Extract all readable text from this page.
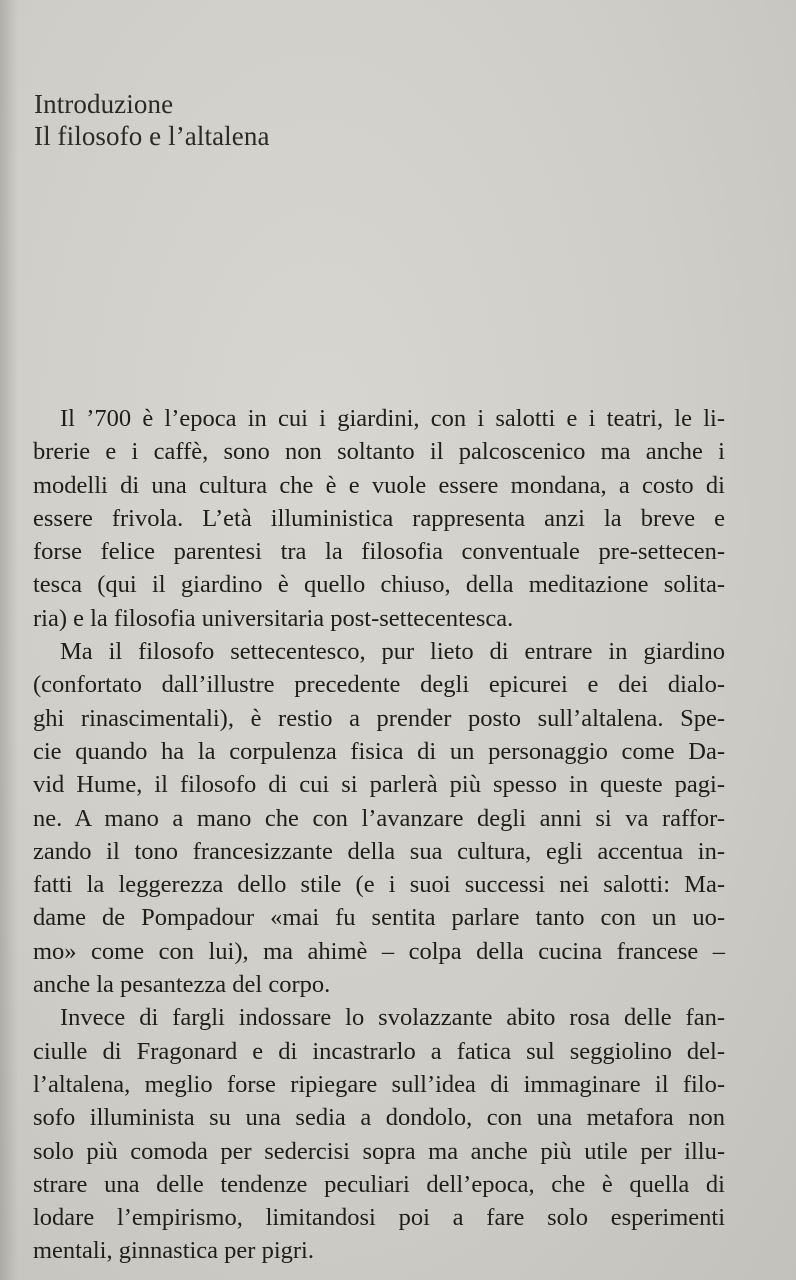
Introduzione
Il filosofo e l’altalena
Il ’700 è l’epoca in cui i giardini, con i salotti e i teatri, le li-
brerie e i caffè, sono non soltanto il palcoscenico ma anche i
modelli di una cultura che è e vuole essere mondana, a costo di
essere frivola. L’età illuministica rappresenta anzi la breve e
forse felice parentesi tra la filosofia conventuale pre-settecen-
tesca (qui il giardino è quello chiuso, della meditazione solita-
ria) e la filosofia universitaria post-settecentesca.
Ma il filosofo settecentesco, pur lieto di entrare in giardino
(confortato dall’illustre precedente degli epicurei e dei dialo-
ghi rinascimentali), è restio a prender posto sull’altalena. Spe-
cie quando ha la corpulenza fisica di un personaggio come Da-
vid Hume, il filosofo di cui si parlerà più spesso in queste pagi-
ne. A mano a mano che con l’avanzare degli anni si va raffor-
zando il tono francesizzante della sua cultura, egli accentua in-
fatti la leggerezza dello stile (e i suoi successi nei salotti: Ma-
dame de Pompadour «mai fu sentita parlare tanto con un uo-
mo» come con lui), ma ahimè – colpa della cucina francese –
anche la pesantezza del corpo.
Invece di fargli indossare lo svolazzante abito rosa delle fan-
ciulle di Fragonard e di incastrarlo a fatica sul seggiolino del-
l’altalena, meglio forse ripiegare sull’idea di immaginare il filo-
sofo illuminista su una sedia a dondolo, con una metafora non
solo più comoda per sedercisi sopra ma anche più utile per illu-
strare una delle tendenze peculiari dell’epoca, che è quella di
lodare l’empirismo, limitandosi poi a fare solo esperimenti
mentali, ginnastica per pigri.
